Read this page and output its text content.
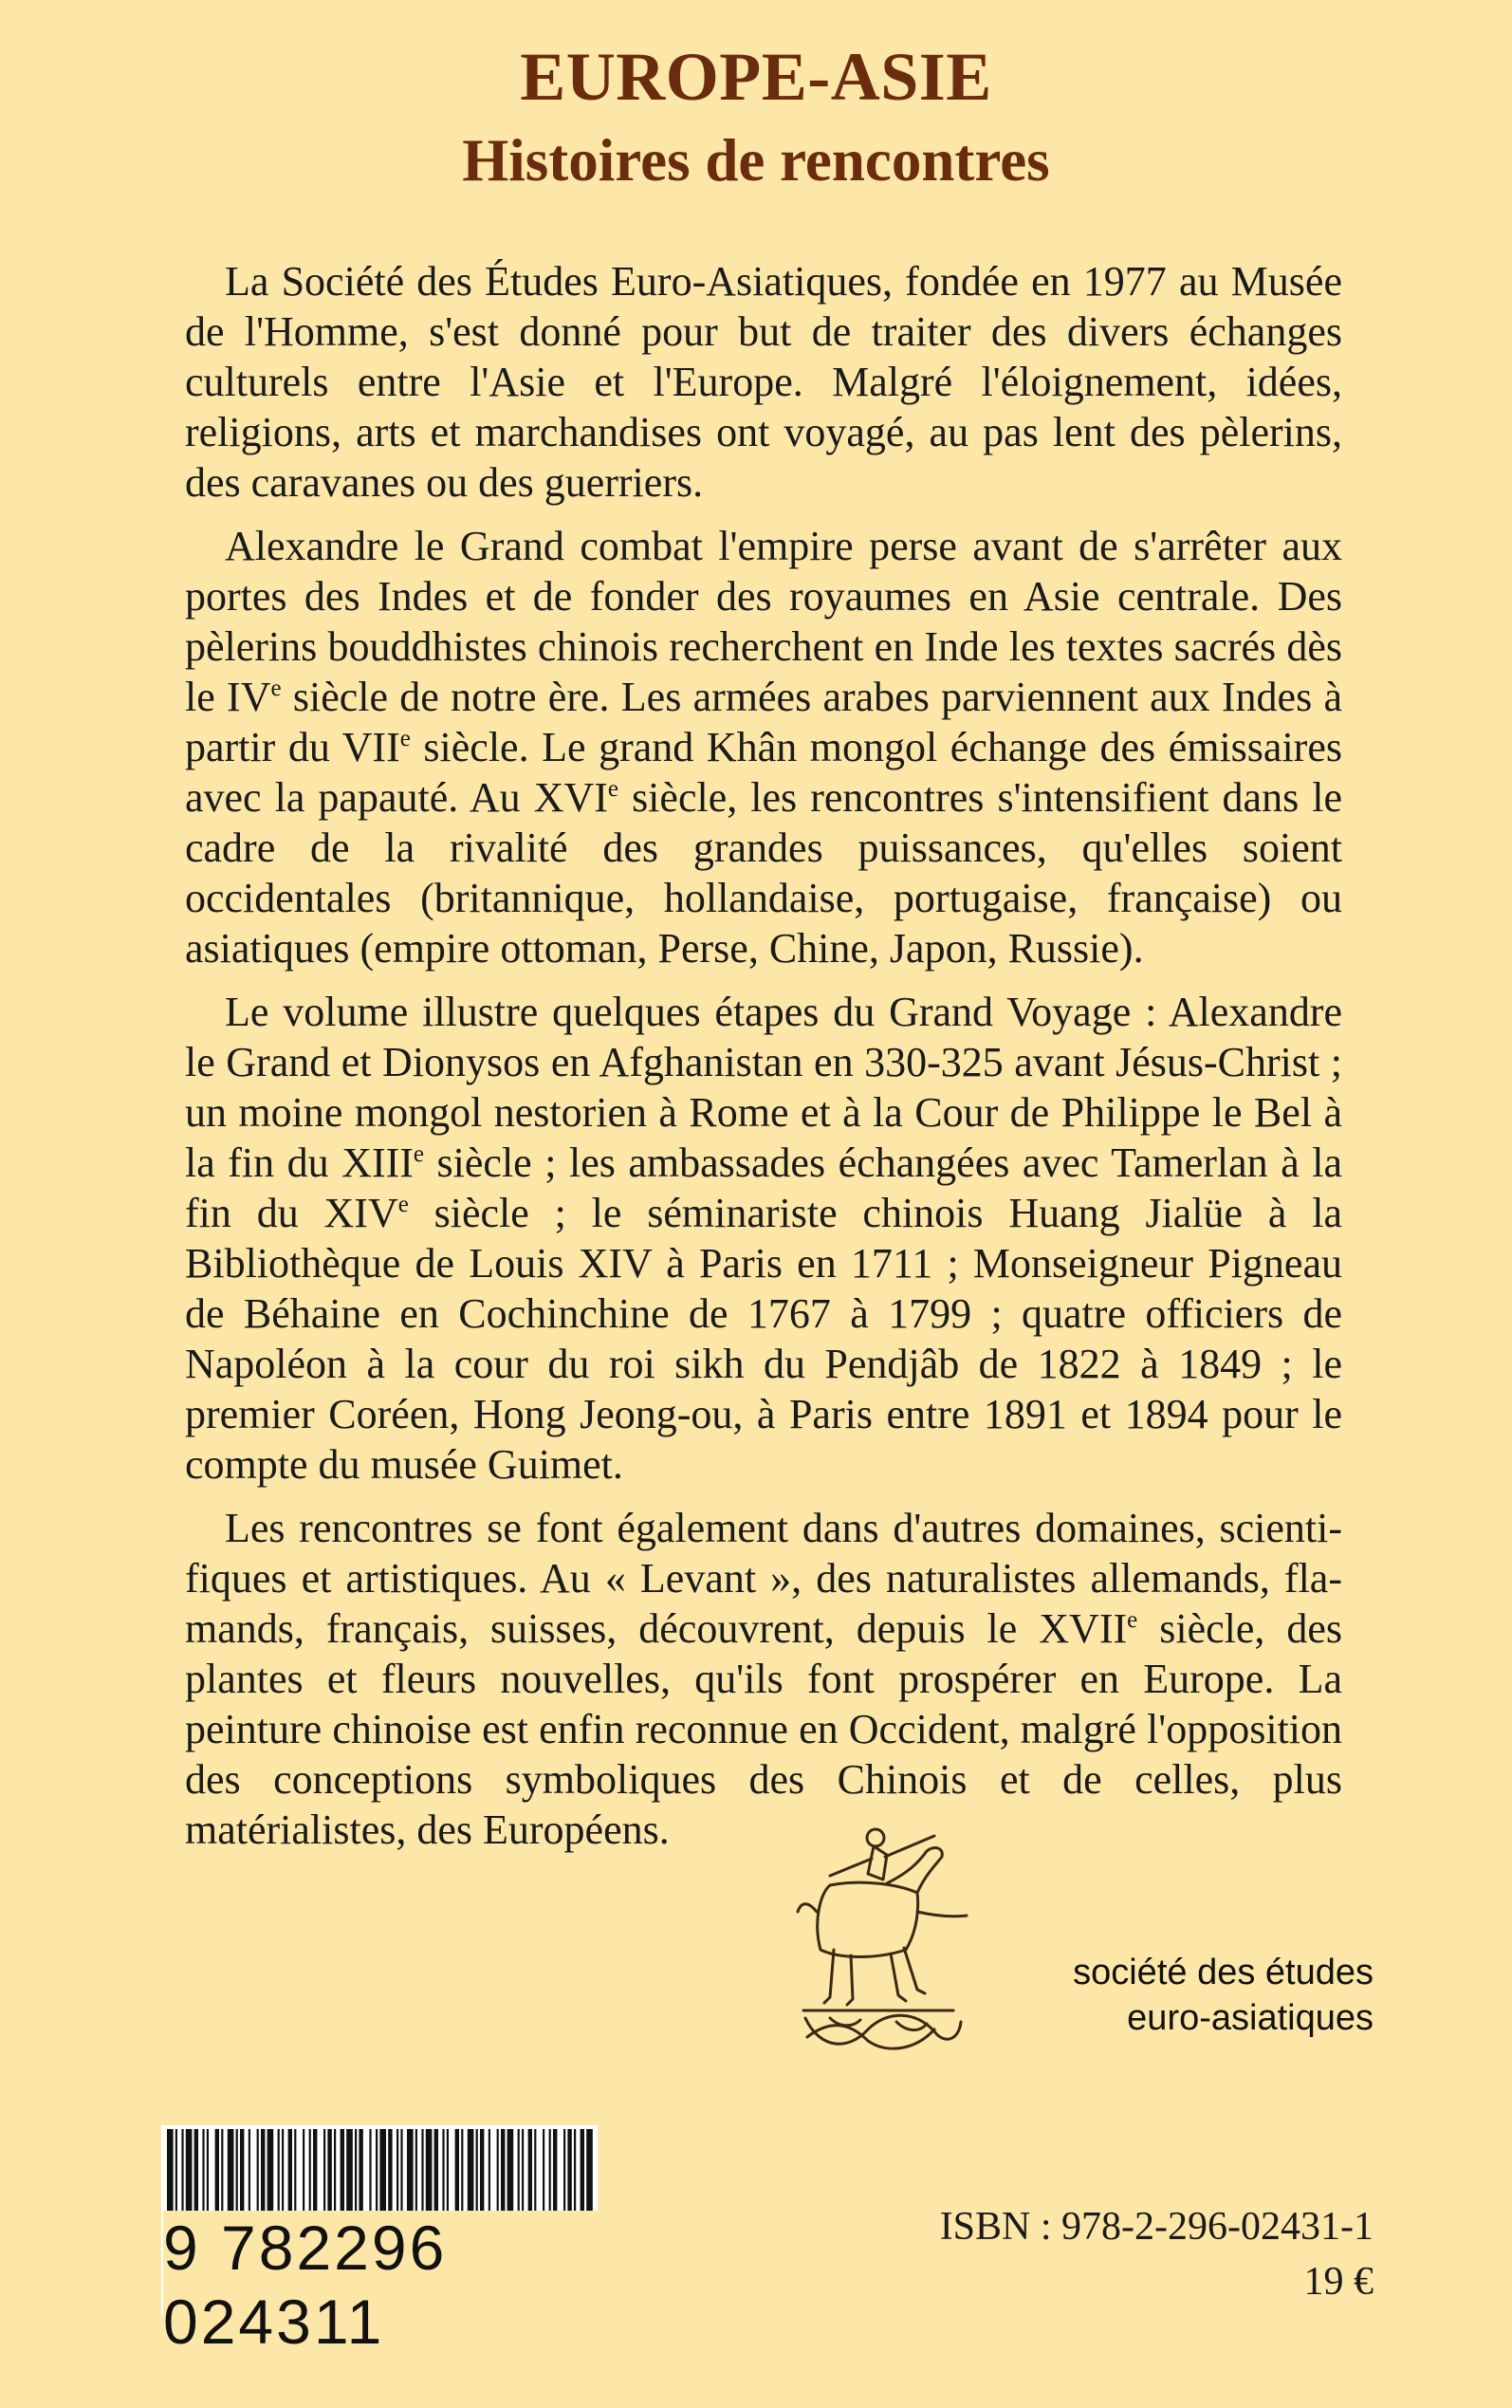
EUROPE-ASIE
Histoires de rencontres

La Société des Études Euro-Asiatiques, fondée en 1977 au Musée de l'Homme, s'est donné pour but de traiter des divers échanges culturels entre l'Asie et l'Europe. Malgré l'éloignement, idées, religions, arts et marchandises ont voyagé, au pas lent des pèlerins, des caravanes ou des guerriers.

Alexandre le Grand combat l'empire perse avant de s'arrêter aux portes des Indes et de fonder des royaumes en Asie centrale. Des pèlerins bouddhistes chinois recherchent en Inde les textes sacrés dès le IVe siècle de notre ère. Les armées arabes parviennent aux Indes à partir du VIIe siècle. Le grand Khân mongol échange des émissaires avec la papauté. Au XVIe siècle, les rencontres s'intensifient dans le cadre de la rivalité des grandes puissances, qu'elles soient occidentales (britannique, hollandaise, portugaise, française) ou asiatiques (empire ottoman, Perse, Chine, Japon, Russie).

Le volume illustre quelques étapes du Grand Voyage : Alexandre le Grand et Dionysos en Afghanistan en 330-325 avant Jésus-Christ ; un moine mongol nestorien à Rome et à la Cour de Philippe le Bel à la fin du XIIIe siècle ; les ambassades échangées avec Tamerlan à la fin du XIVe siècle ; le séminariste chinois Huang Jialüe à la Bibliothèque de Louis XIV à Paris en 1711 ; Monseigneur Pigneau de Béhaine en Cochinchine de 1767 à 1799 ; quatre officiers de Napoléon à la cour du roi sikh du Pendjâb de 1822 à 1849 ; le premier Coréen, Hong Jeong-ou, à Paris entre 1891 et 1894 pour le compte du musée Guimet.

Les rencontres se font également dans d'autres domaines, scientifiques et artistiques. Au « Levant », des naturalistes allemands, flamands, français, suisses, découvrent, depuis le XVIIe siècle, des plantes et fleurs nouvelles, qu'ils font prospérer en Europe. La peinture chinoise est enfin reconnue en Occident, malgré l'opposition des conceptions symboliques des Chinois et de celles, plus matérialistes, des Européens.

société des études
euro-asiatiques
9 782296 024311
ISBN : 978-2-296-02431-1
19 €
